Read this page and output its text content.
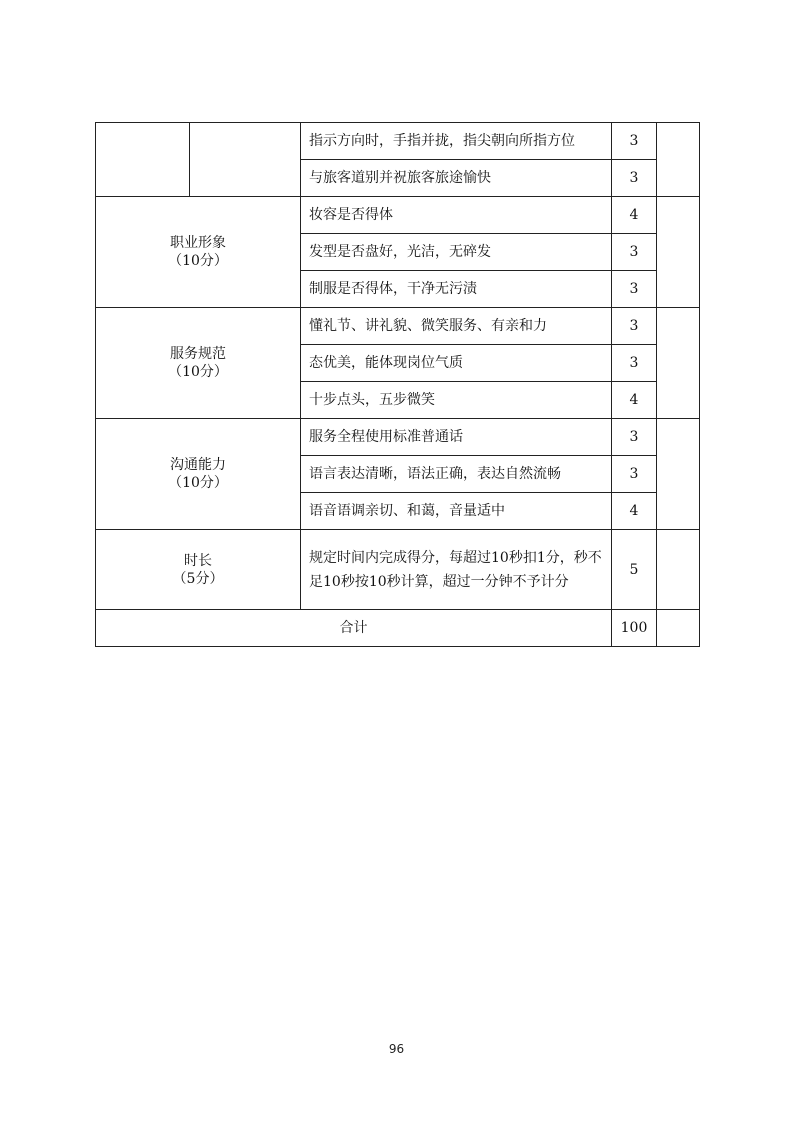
		指示方向时，手指并拢，指尖朝向所指方位	3	
		与旅客道别并祝旅客旅途愉快	3	

职业形象
（10分）		妆容是否得体	4	
		发型是否盘好，光洁，无碎发	3	
		制服是否得体，干净无污渍	3	

服务规范
（10分）		懂礼节、讲礼貌、微笑服务、有亲和力	3	
		态优美，能体现岗位气质	3	
		十步点头，五步微笑	4	

沟通能力
（10分）		服务全程使用标准普通话	3	
		语言表达清晰，语法正确，表达自然流畅	3	
		语音语调亲切、和蔼，音量适中	4	

时长
（5分）		规定时间内完成得分，每超过10秒扣1分，秒不足10秒按10秒计算，超过一分钟不予计分	5	
合计			100	
96
